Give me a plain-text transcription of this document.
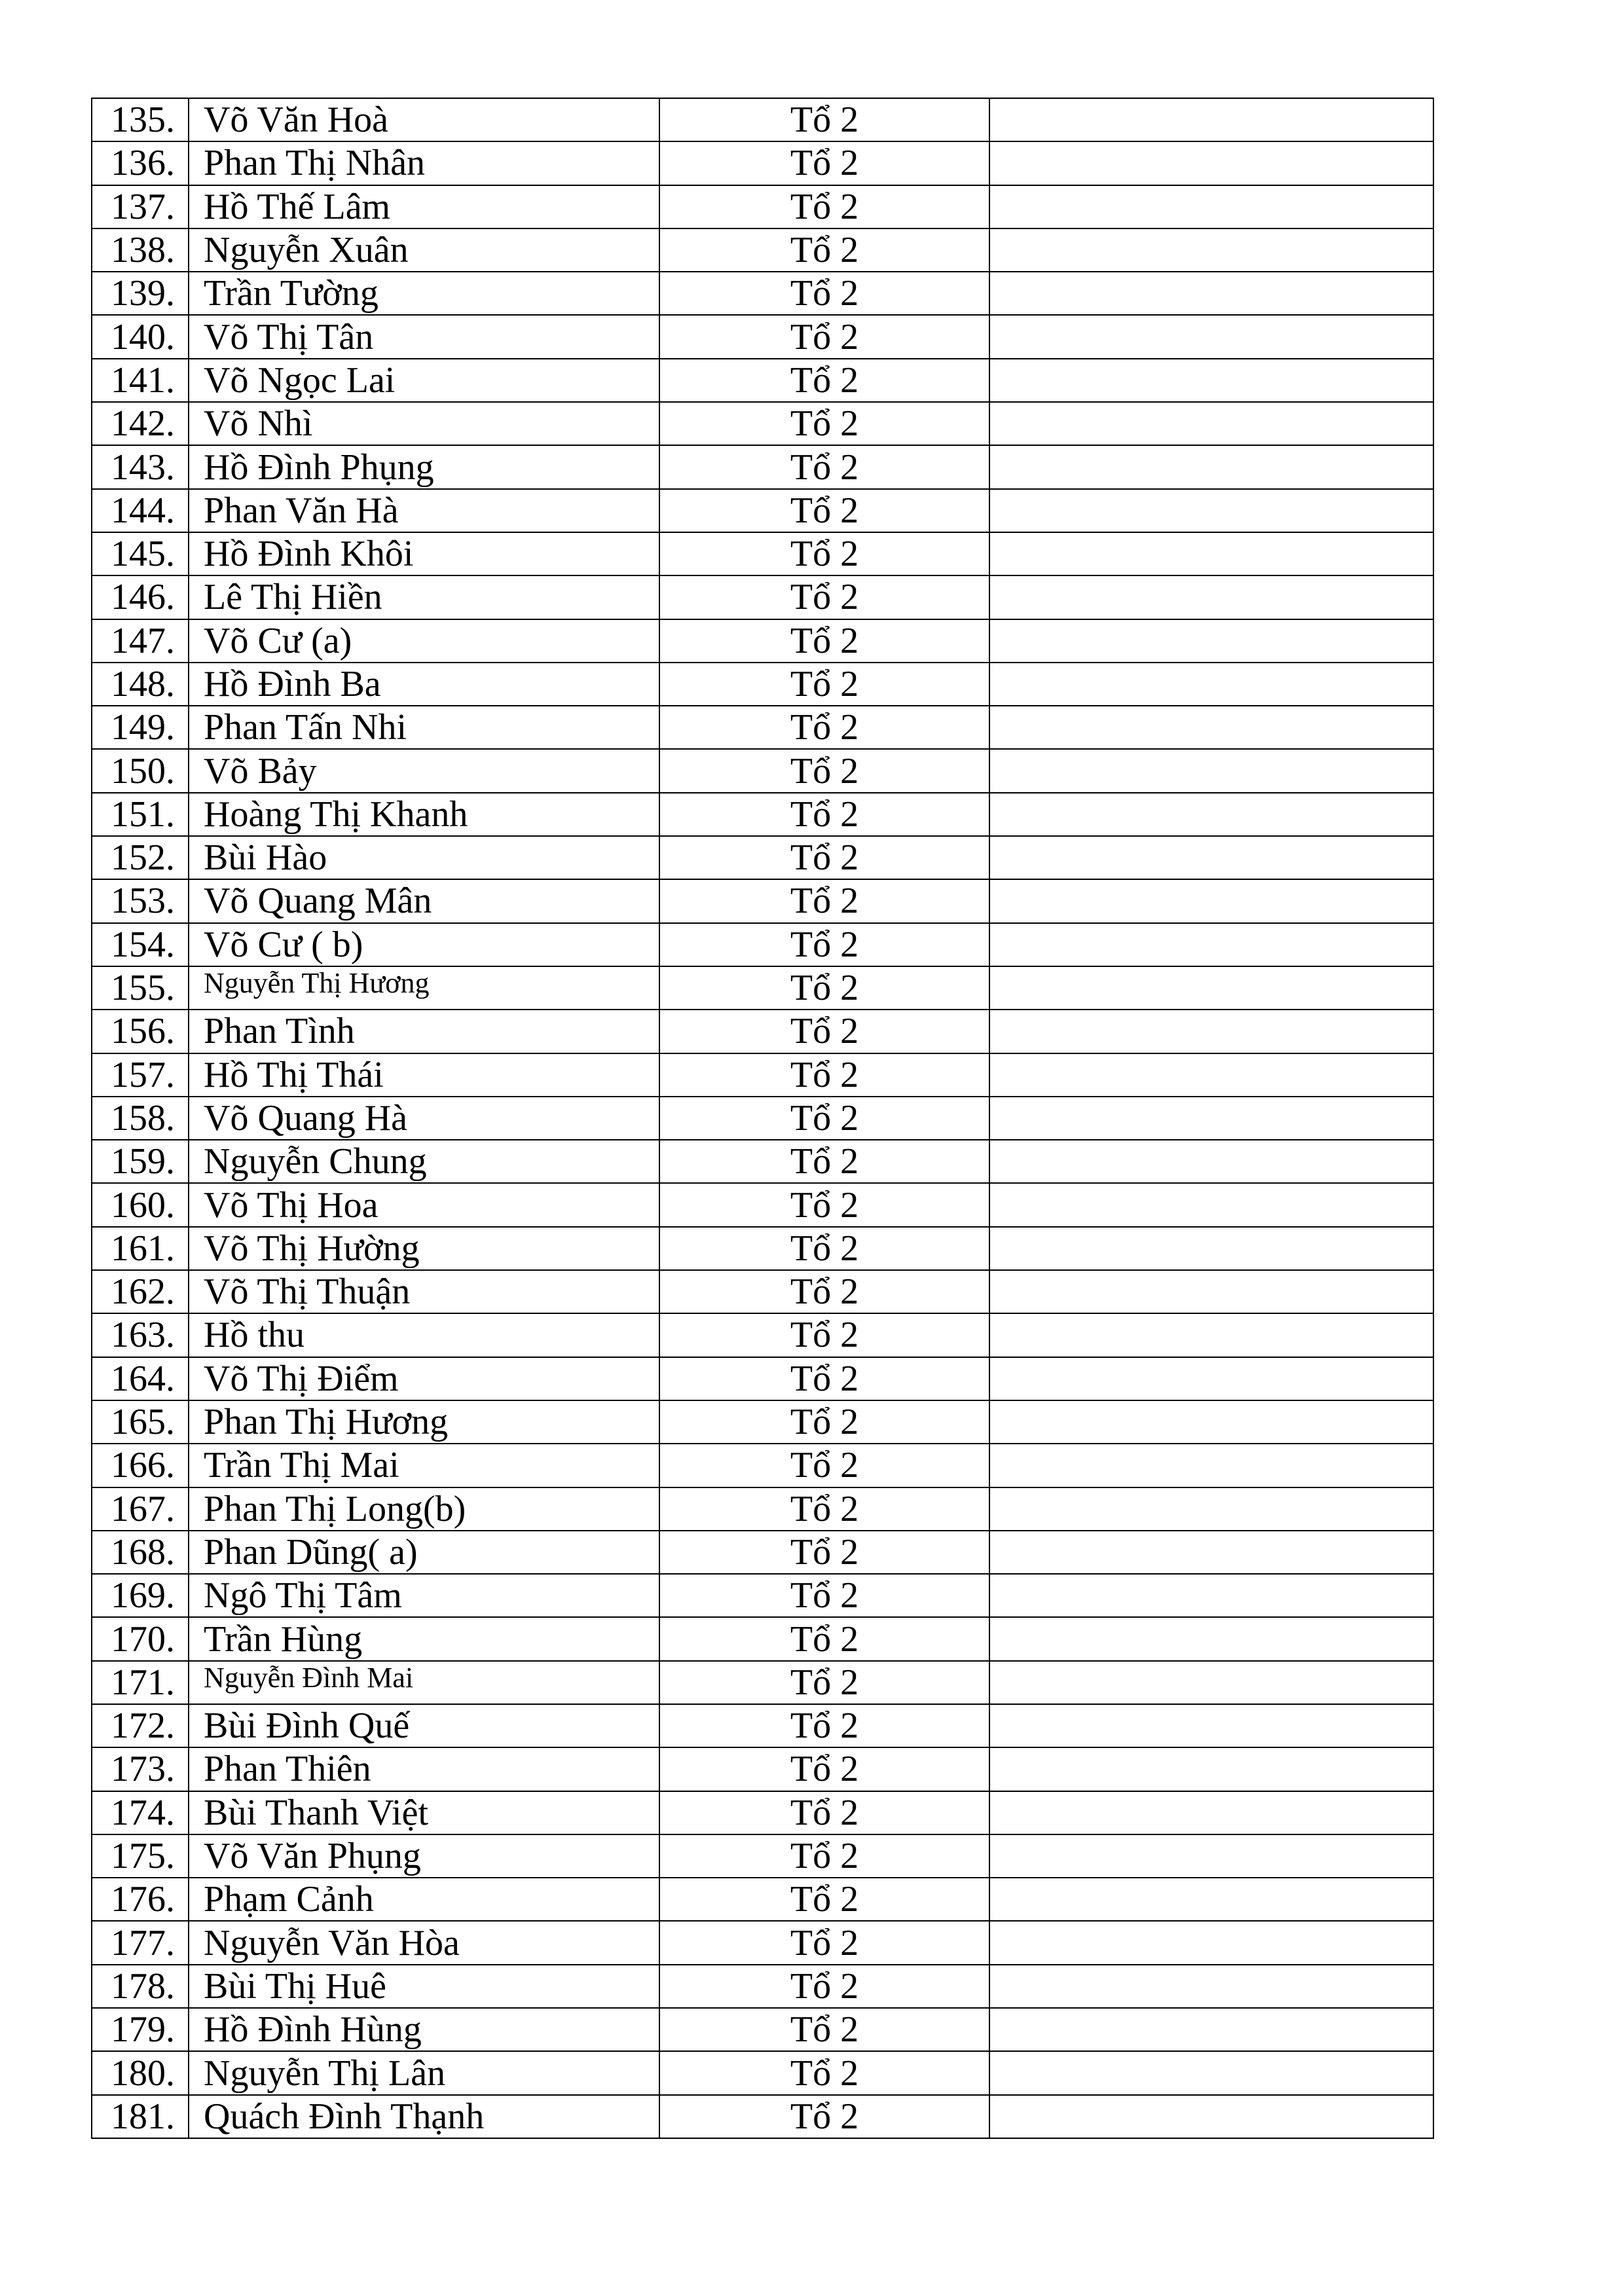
135.	Võ Văn Hoà	Tổ 2	
136.	Phan Thị Nhân	Tổ 2	
137.	Hồ Thế Lâm	Tổ 2	
138.	Nguyễn Xuân	Tổ 2	
139.	Trần Tường	Tổ 2	
140.	Võ Thị Tân	Tổ 2	
141.	Võ Ngọc Lai	Tổ 2	
142.	Võ Nhì	Tổ 2	
143.	Hồ Đình Phụng	Tổ 2	
144.	Phan Văn Hà	Tổ 2	
145.	Hồ Đình Khôi	Tổ 2	
146.	Lê Thị Hiền	Tổ 2	
147.	Võ Cư (a)	Tổ 2	
148.	Hồ Đình Ba	Tổ 2	
149.	Phan Tấn Nhi	Tổ 2	
150.	Võ Bảy	Tổ 2	
151.	Hoàng Thị Khanh	Tổ 2	
152.	Bùi Hào	Tổ 2	
153.	Võ Quang Mân	Tổ 2	
154.	Võ Cư ( b)	Tổ 2	
155.	Nguyễn Thị Hương	Tổ 2	
156.	Phan Tình	Tổ 2	
157.	Hồ Thị Thái	Tổ 2	
158.	Võ Quang Hà	Tổ 2	
159.	Nguyễn Chung	Tổ 2	
160.	Võ Thị Hoa	Tổ 2	
161.	Võ Thị Hường	Tổ 2	
162.	Võ Thị Thuận	Tổ 2	
163.	Hồ thu	Tổ 2	
164.	Võ Thị Điểm	Tổ 2	
165.	Phan Thị Hương	Tổ 2	
166.	Trần Thị Mai	Tổ 2	
167.	Phan Thị Long(b)	Tổ 2	
168.	Phan Dũng( a)	Tổ 2	
169.	Ngô Thị Tâm	Tổ 2	
170.	Trần Hùng	Tổ 2	
171.	Nguyễn Đình Mai	Tổ 2	
172.	Bùi Đình Quế	Tổ 2	
173.	Phan Thiên	Tổ 2	
174.	Bùi Thanh Việt	Tổ 2	
175.	Võ Văn Phụng	Tổ 2	
176.	Phạm Cảnh	Tổ 2	
177.	Nguyễn Văn Hòa	Tổ 2	
178.	Bùi Thị Huê	Tổ 2	
179.	Hồ Đình Hùng	Tổ 2	
180.	Nguyễn Thị Lân	Tổ 2	
181.	Quách Đình Thạnh	Tổ 2	
